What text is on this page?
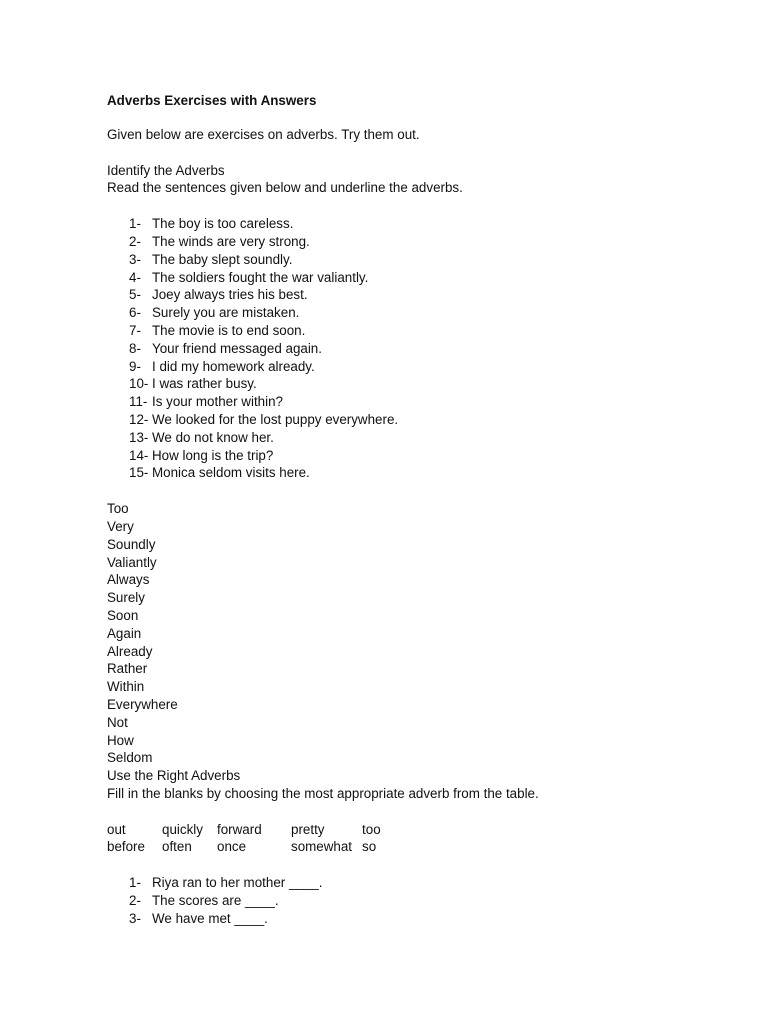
Adverbs Exercises with Answers
Given below are exercises on adverbs. Try them out.
Identify the Adverbs
Read the sentences given below and underline the adverbs.
1- The boy is too careless.
2- The winds are very strong.
3- The baby slept soundly.
4- The soldiers fought the war valiantly.
5- Joey always tries his best.
6- Surely you are mistaken.
7- The movie is to end soon.
8- Your friend messaged again.
9- I did my homework already.
10- I was rather busy.
11- Is your mother within?
12- We looked for the lost puppy everywhere.
13- We do not know her.
14- How long is the trip?
15- Monica seldom visits here.
Too
Very
Soundly
Valiantly
Always
Surely
Soon
Again
Already
Rather
Within
Everywhere
Not
How
Seldom
Use the Right Adverbs
Fill in the blanks by choosing the most appropriate adverb from the table.
out	quickly	forward	pretty	too
before	often	once	somewhat	so
1- Riya ran to her mother ____.
2- The scores are ____.
3- We have met ____.
